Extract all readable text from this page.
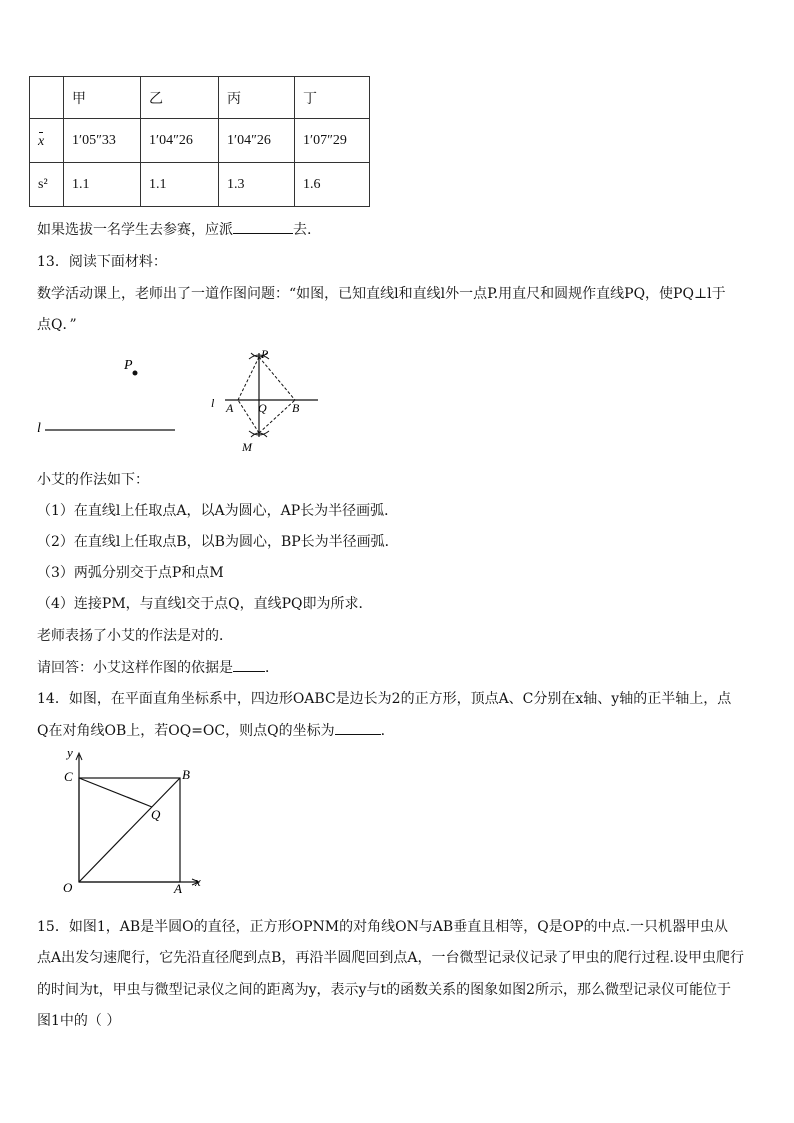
	甲	乙	丙	丁
x	1′05″33	1′04″26	1′04″26	1′07″29
s²	1.1	1.1	1.3	1.6
如果选拔一名学生去参赛，应派	去.
13．阅读下面材料：
数学活动课上，老师出了一道作图问题：“如图，已知直线l和直线l外一点P.用直尺和圆规作直线PQ，使PQ⊥l于
点Q．”
P
l
P
l A Q B
M
小艾的作法如下：
（1）在直线l上任取点A，以A为圆心，AP长为半径画弧．
（2）在直线l上任取点B，以B为圆心，BP长为半径画弧．
（3）两弧分别交于点P和点M
（4）连接PM，与直线l交于点Q，直线PQ即为所求．
老师表扬了小艾的作法是对的．
请回答：小艾这样作图的依据是 ．
14．如图，在平面直角坐标系中，四边形OABC是边长为2的正方形，顶点A、C分别在x轴、y轴的正半轴上，点
Q在对角线OB上，若OQ=OC，则点Q的坐标为	.
y
x
O	A
B
C
Q
15．如图1，AB是半圆O的直径，正方形OPNM的对角线ON与AB垂直且相等，Q是OP的中点.一只机器甲虫从
点A出发匀速爬行，它先沿直径爬到点B，再沿半圆爬回到点A，一台微型记录仪记录了甲虫的爬行过程.设甲虫爬行
的时间为t，甲虫与微型记录仪之间的距离为y，表示y与t的函数关系的图象如图2所示，那么微型记录仪可能位于
图1中的（ ）
